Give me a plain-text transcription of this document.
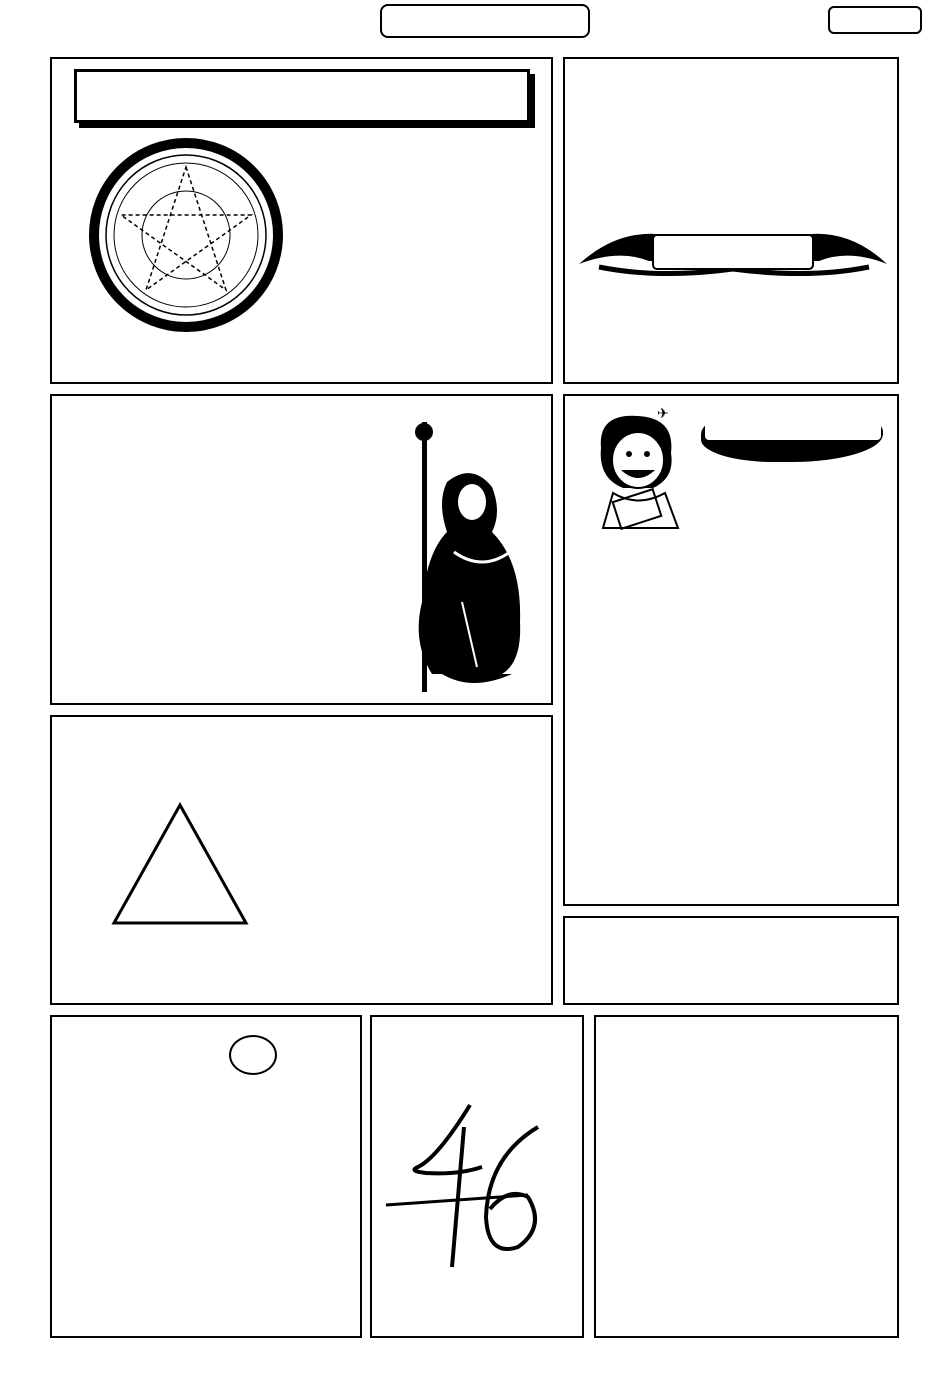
✈
